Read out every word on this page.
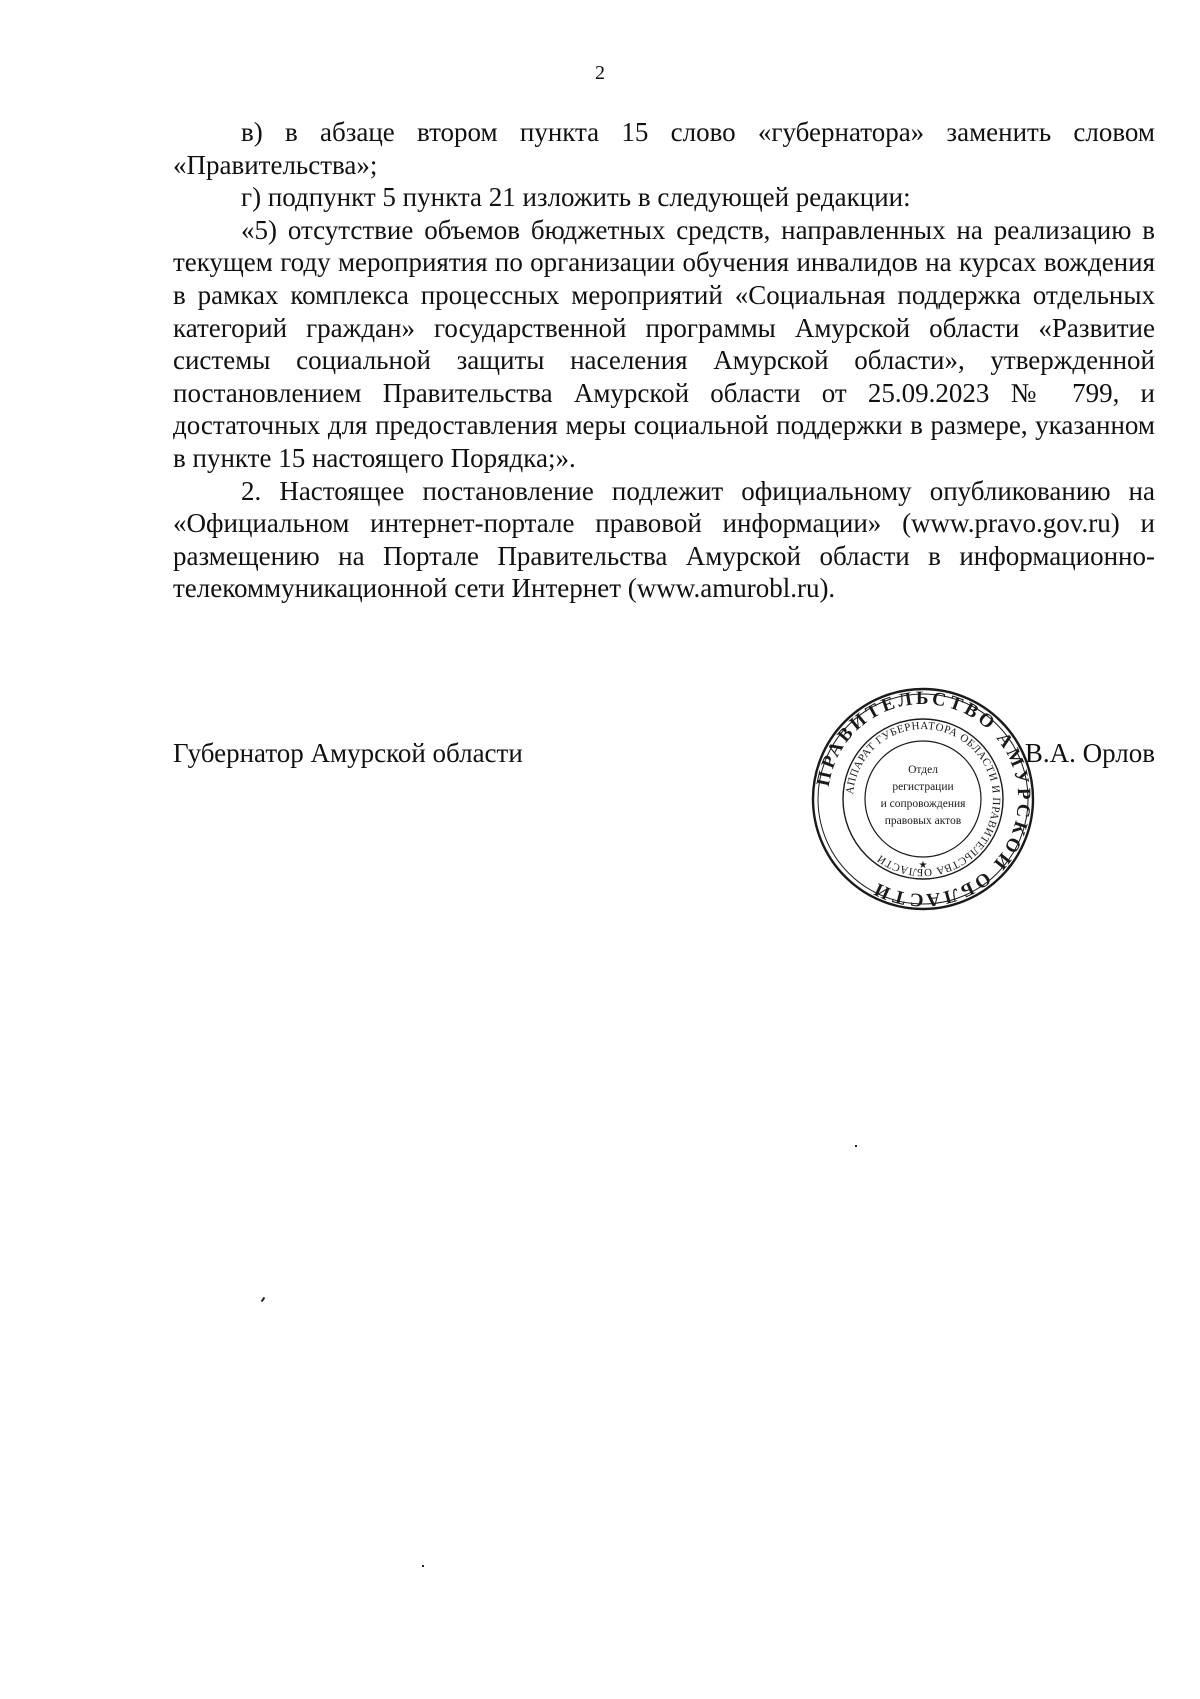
2

в) в абзаце втором пункта 15 слово «губернатора» заменить словом

«Правительства»;

г) подпункт 5 пункта 21 изложить в следующей редакции:

«5) отсутствие объемов бюджетных средств, направленных на реализацию в текущем году мероприятия по организации обучения инвалидов на курсах вождения в рамках комплекса процессных мероприятий «Социальная поддержка отдельных категорий граждан» государственной программы Амурской области «Развитие системы социальной защиты населения Амурской области», утвержденной постановлением Правительства Амурской области от 25.09.2023 № 799, и достаточных для предоставления меры социальной поддержки в размере, указанном в пункте 15 настоящего Порядка;».

2. Настоящее постановление подлежит официальному опубликованию на «Официальном интернет-портале правовой информации» (www.pravo.gov.ru) и размещению на Портале Правительства Амурской области в информационно-телекоммуникационной сети Интернет (www.amurobl.ru).

Губернатор Амурской области	В.А. Орлов
ПРАВИТЕЛЬСТВО АМУРСКОЙ ОБЛАСТИ
АППАРАТ ГУБЕРНАТОРА ОБЛАСТИ И ПРАВИТЕЛЬСТВА ОБЛАСТИ
Отдел
регистрации
и сопровождения
правовых актов
★
